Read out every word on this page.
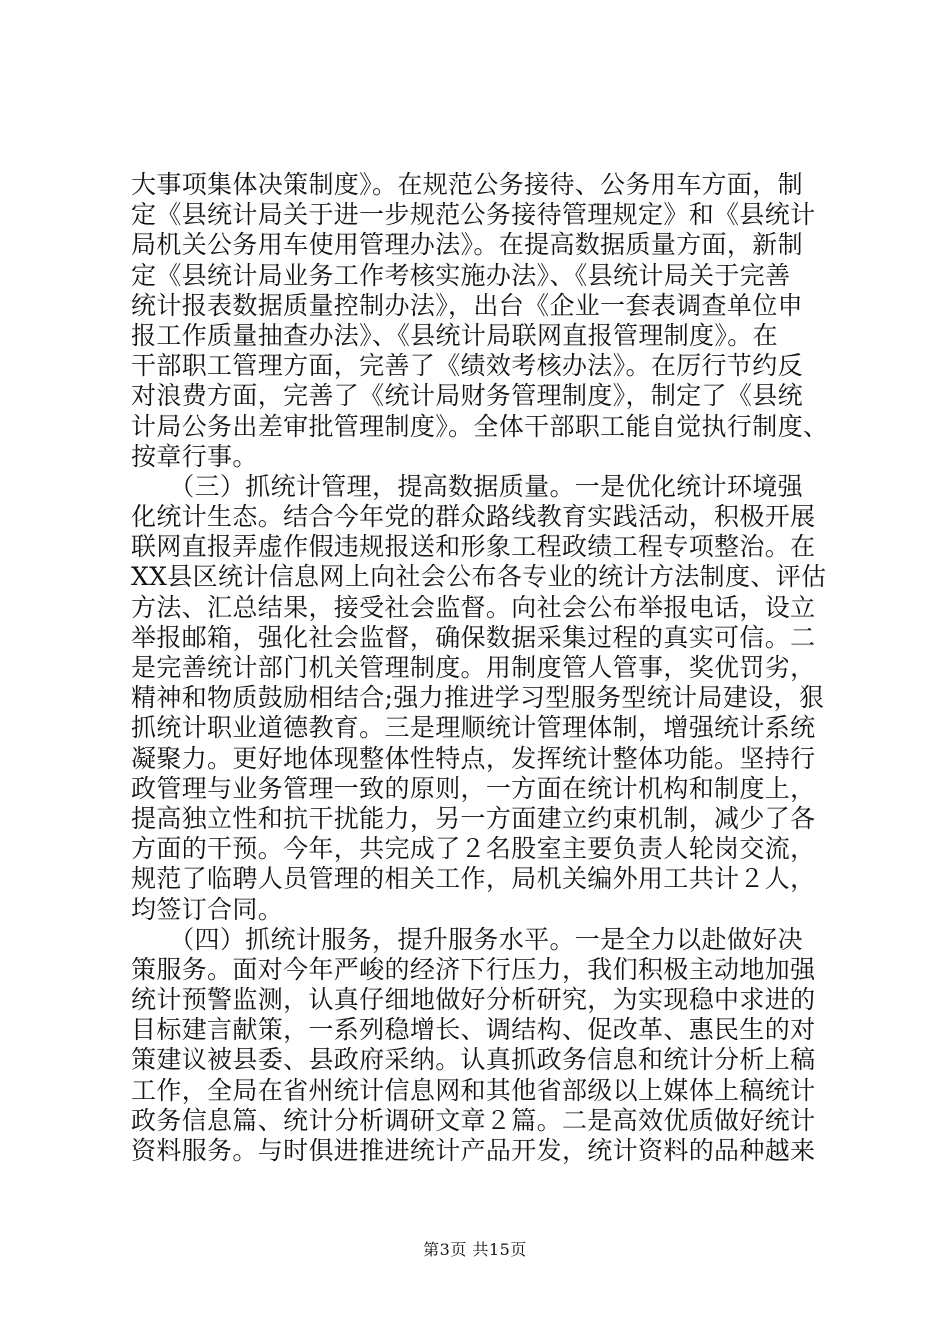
大事项集体决策制度》。在规范公务接待、公务用车方面，制
定《县统计局关于进一步规范公务接待管理规定》和《县统计
局机关公务用车使用管理办法》。在提高数据质量方面，新制
定《县统计局业务工作考核实施办法》、《县统计局关于完善
统计报表数据质量控制办法》，出台《企业一套表调查单位申
报工作质量抽查办法》、《县统计局联网直报管理制度》。在
干部职工管理方面，完善了《绩效考核办法》。在厉行节约反
对浪费方面，完善了《统计局财务管理制度》，制定了《县统
计局公务出差审批管理制度》。全体干部职工能自觉执行制度、
按章行事。
　　（三）抓统计管理，提高数据质量。一是优化统计环境强
化统计生态。结合今年党的群众路线教育实践活动，积极开展
联网直报弄虚作假违规报送和形象工程政绩工程专项整治。在
XX县区统计信息网上向社会公布各专业的统计方法制度、评估
方法、汇总结果，接受社会监督。向社会公布举报电话，设立
举报邮箱，强化社会监督，确保数据采集过程的真实可信。二
是完善统计部门机关管理制度。用制度管人管事，奖优罚劣，
精神和物质鼓励相结合;强力推进学习型服务型统计局建设，狠
抓统计职业道德教育。三是理顺统计管理体制，增强统计系统
凝聚力。更好地体现整体性特点，发挥统计整体功能。坚持行
政管理与业务管理一致的原则，一方面在统计机构和制度上，
提高独立性和抗干扰能力，另一方面建立约束机制，减少了各
方面的干预。今年，共完成了２名股室主要负责人轮岗交流，
规范了临聘人员管理的相关工作，局机关编外用工共计２人，
均签订合同。
　　（四）抓统计服务，提升服务水平。一是全力以赴做好决
策服务。面对今年严峻的经济下行压力，我们积极主动地加强
统计预警监测，认真仔细地做好分析研究，为实现稳中求进的
目标建言献策，一系列稳增长、调结构、促改革、惠民生的对
策建议被县委、县政府采纳。认真抓政务信息和统计分析上稿
工作，全局在省州统计信息网和其他省部级以上媒体上稿统计
政务信息篇、统计分析调研文章２篇。二是高效优质做好统计
资料服务。与时俱进推进统计产品开发，统计资料的品种越来
第3页 共15页
